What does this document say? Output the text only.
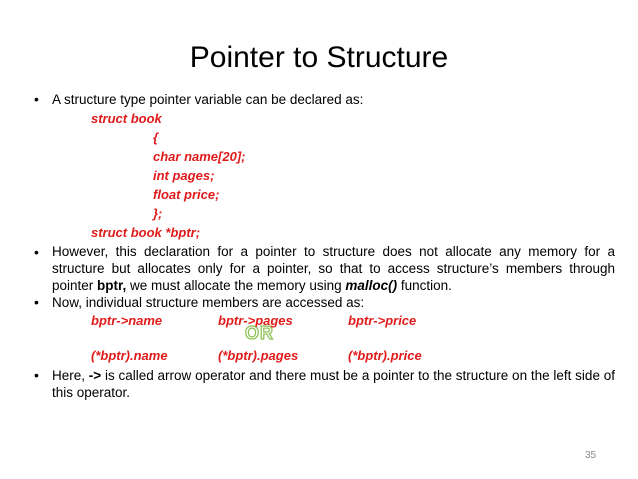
Pointer to Structure
• A structure type pointer variable can be declared as:
struct book
{
char name[20];
int pages;
float price;
};
struct book *bptr;
• However, this declaration for a pointer to structure does not allocate any memory for a structure but allocates only for a pointer, so that to access structure’s members through pointer bptr, we must allocate the memory using malloc() function.
• Now, individual structure members are accessed as:
bptr->name	bptr->pages	bptr->price
OR
(*bptr).name	(*bptr).pages	(*bptr).price
• Here, -> is called arrow operator and there must be a pointer to the structure on the left side of this operator.
35
